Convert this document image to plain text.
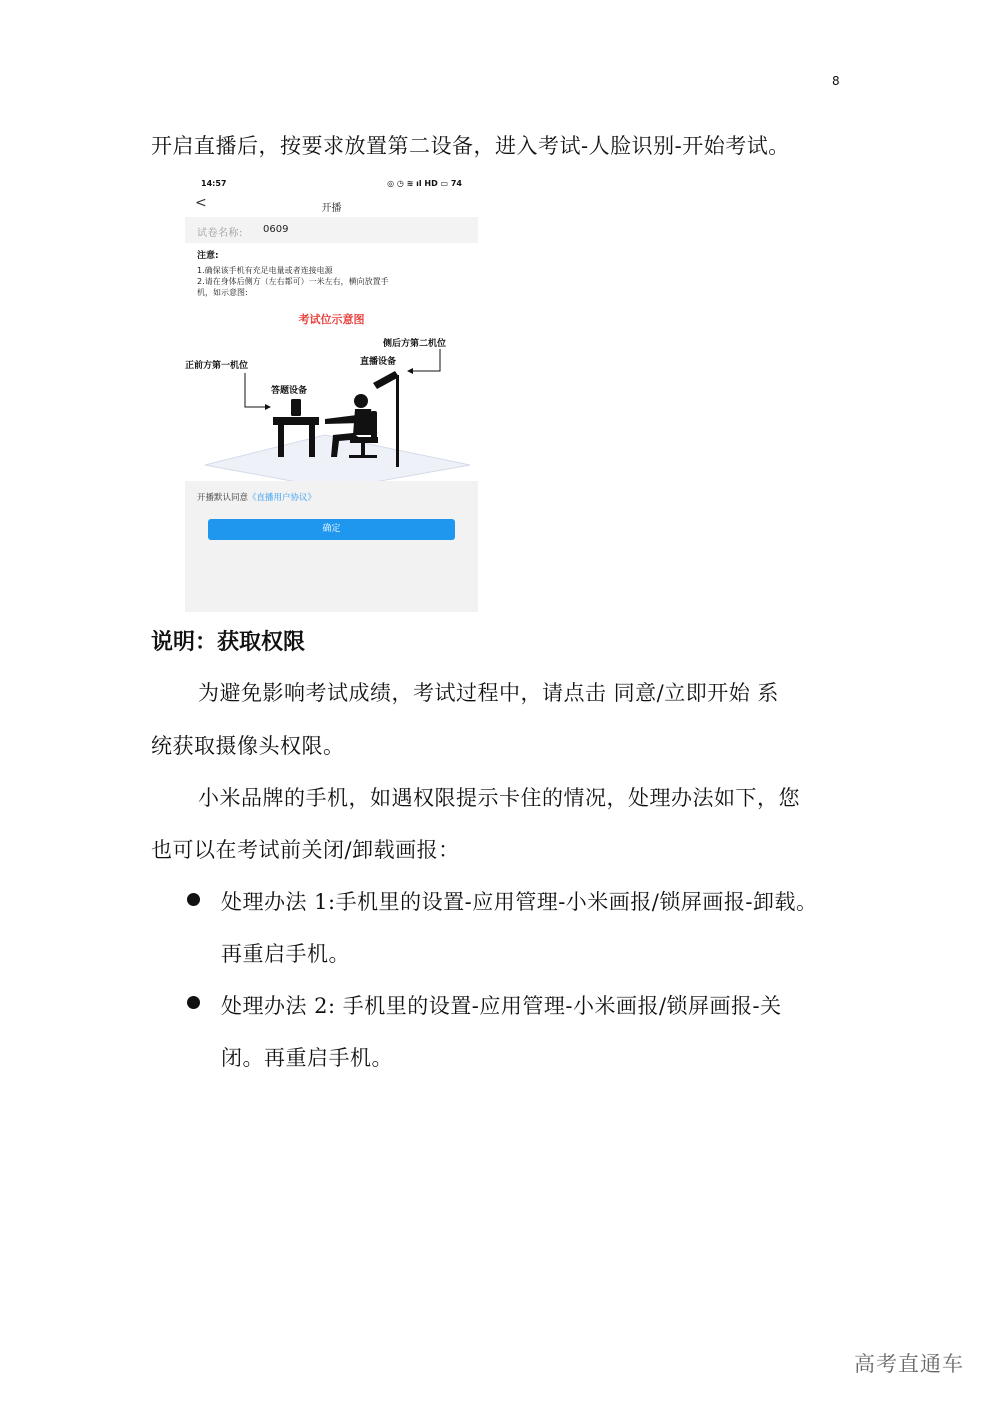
8
开启直播后，按要求放置第二设备，进入考试-人脸识别-开始考试。
14:57	◎ ◷ ≋ ıl HD ▭ 74
<	开播
试卷名称: 0609
注意:
1.确保该手机有充足电量或者连接电源
2.请在身体后侧方（左右都可）一米左右，横向放置手
机，如示意图:
考试位示意图
侧后方第二机位
直播设备
正前方第一机位
答题设备
开播默认同意《直播用户协议》
确定
说明：获取权限
为避免影响考试成绩，考试过程中，请点击 同意/立即开始 系
统获取摄像头权限。
小米品牌的手机，如遇权限提示卡住的情况，处理办法如下，您
也可以在考试前关闭/卸载画报：
处理办法 1:手机里的设置-应用管理-小米画报/锁屏画报-卸载。
再重启手机。
处理办法 2: 手机里的设置-应用管理-小米画报/锁屏画报-关
闭。再重启手机。
高考直通车
